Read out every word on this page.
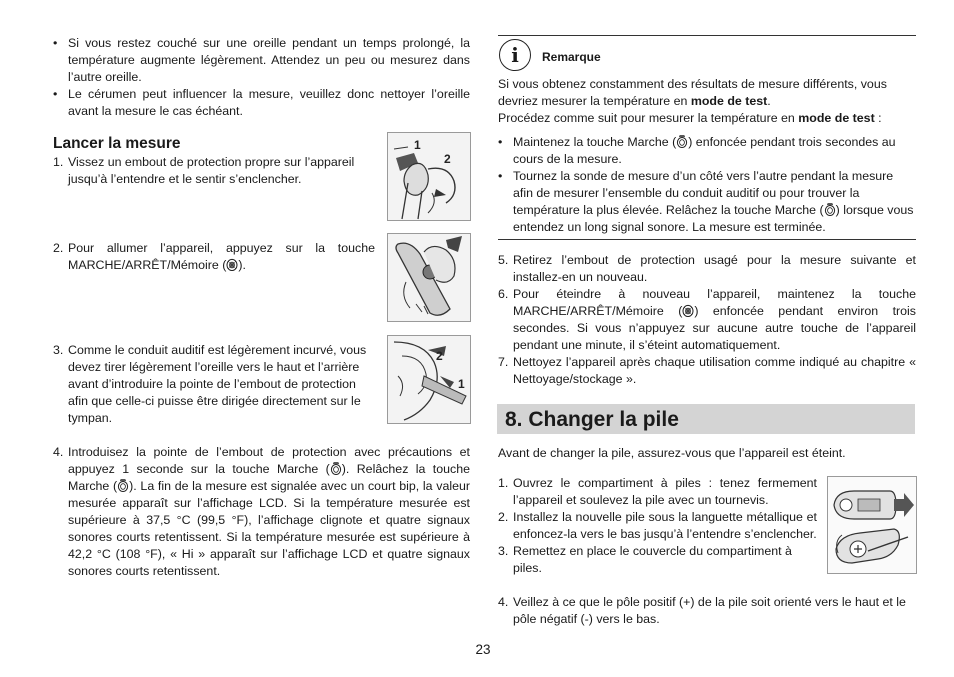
• Si vous restez couché sur une oreille pendant un temps prolongé, la température augmente légèrement. Attendez un peu ou mesurez dans l’autre oreille.

• Le cérumen peut influencer la mesure, veuillez donc nettoyer l’oreille avant la mesure le cas échéant.

Lancer la mesure

1. Vissez un embout de protection propre sur l’appareil jusqu’à l’entendre et le sentir s’enclencher.

1
2

2. Pour allumer l’appareil, appuyez sur la touche MARCHE/ARRÊT/Mémoire ( ).

3. Comme le conduit auditif est légèrement incurvé, vous devez tirer légèrement l’oreille vers le haut et l’arrière avant d’introduire la pointe de l’embout de protection afin que celle-ci puisse être dirigée directement sur le tympan.

2
1

4. Introduisez la pointe de l’embout de protection avec précautions et appuyez 1 seconde sur la touche Marche ( ). Relâchez la touche Marche ( ). La fin de la mesure est signalée avec un court bip, la valeur mesurée apparaît sur l’affichage LCD. Si la température mesurée est supérieure à 37,5 °C (99,5 °F), l’affichage clignote et quatre signaux sonores courts retentissent. Si la température mesurée est supérieure à 42,2 °C (108 °F), « Hi » apparaît sur l’affichage LCD et quatre signaux sonores courts retentissent.

i	Remarque

Si vous obtenez constamment des résultats de mesure différents, vous devriez mesurer la température en mode de test.

Procédez comme suit pour mesurer la température en mode de test :

• Maintenez la touche Marche ( ) enfoncée pendant trois secondes au cours de la mesure.

• Tournez la sonde de mesure d’un côté vers l’autre pendant la mesure afin de mesurer l’ensemble du conduit auditif ou pour trouver la température la plus élevée. Relâchez la touche Marche ( ) lorsque vous entendez un long signal sonore. La mesure est terminée.

5. Retirez l’embout de protection usagé pour la mesure suivante et installez-en un nouveau.

6. Pour éteindre à nouveau l’appareil, maintenez la touche MARCHE/ARRÊT/Mémoire ( ) enfoncée pendant environ trois secondes. Si vous n’appuyez sur aucune autre touche de l’appareil pendant une minute, il s’éteint automatiquement.

7. Nettoyez l’appareil après chaque utilisation comme indiqué au chapitre « Nettoyage/stockage ».

8. Changer la pile
Avant de changer la pile, assurez-vous que l’appareil est éteint.

1. Ouvrez le compartiment à piles : tenez fermement l’appareil et soulevez la pile avec un tournevis.

2. Installez la nouvelle pile sous la languette métallique et enfoncez-la vers le bas jusqu’à l’entendre s’enclencher.

3. Remettez en place le couvercle du compartiment à piles.

4. Veillez à ce que le pôle positif (+) de la pile soit orienté vers le haut et le pôle négatif (-) vers le bas.

23
